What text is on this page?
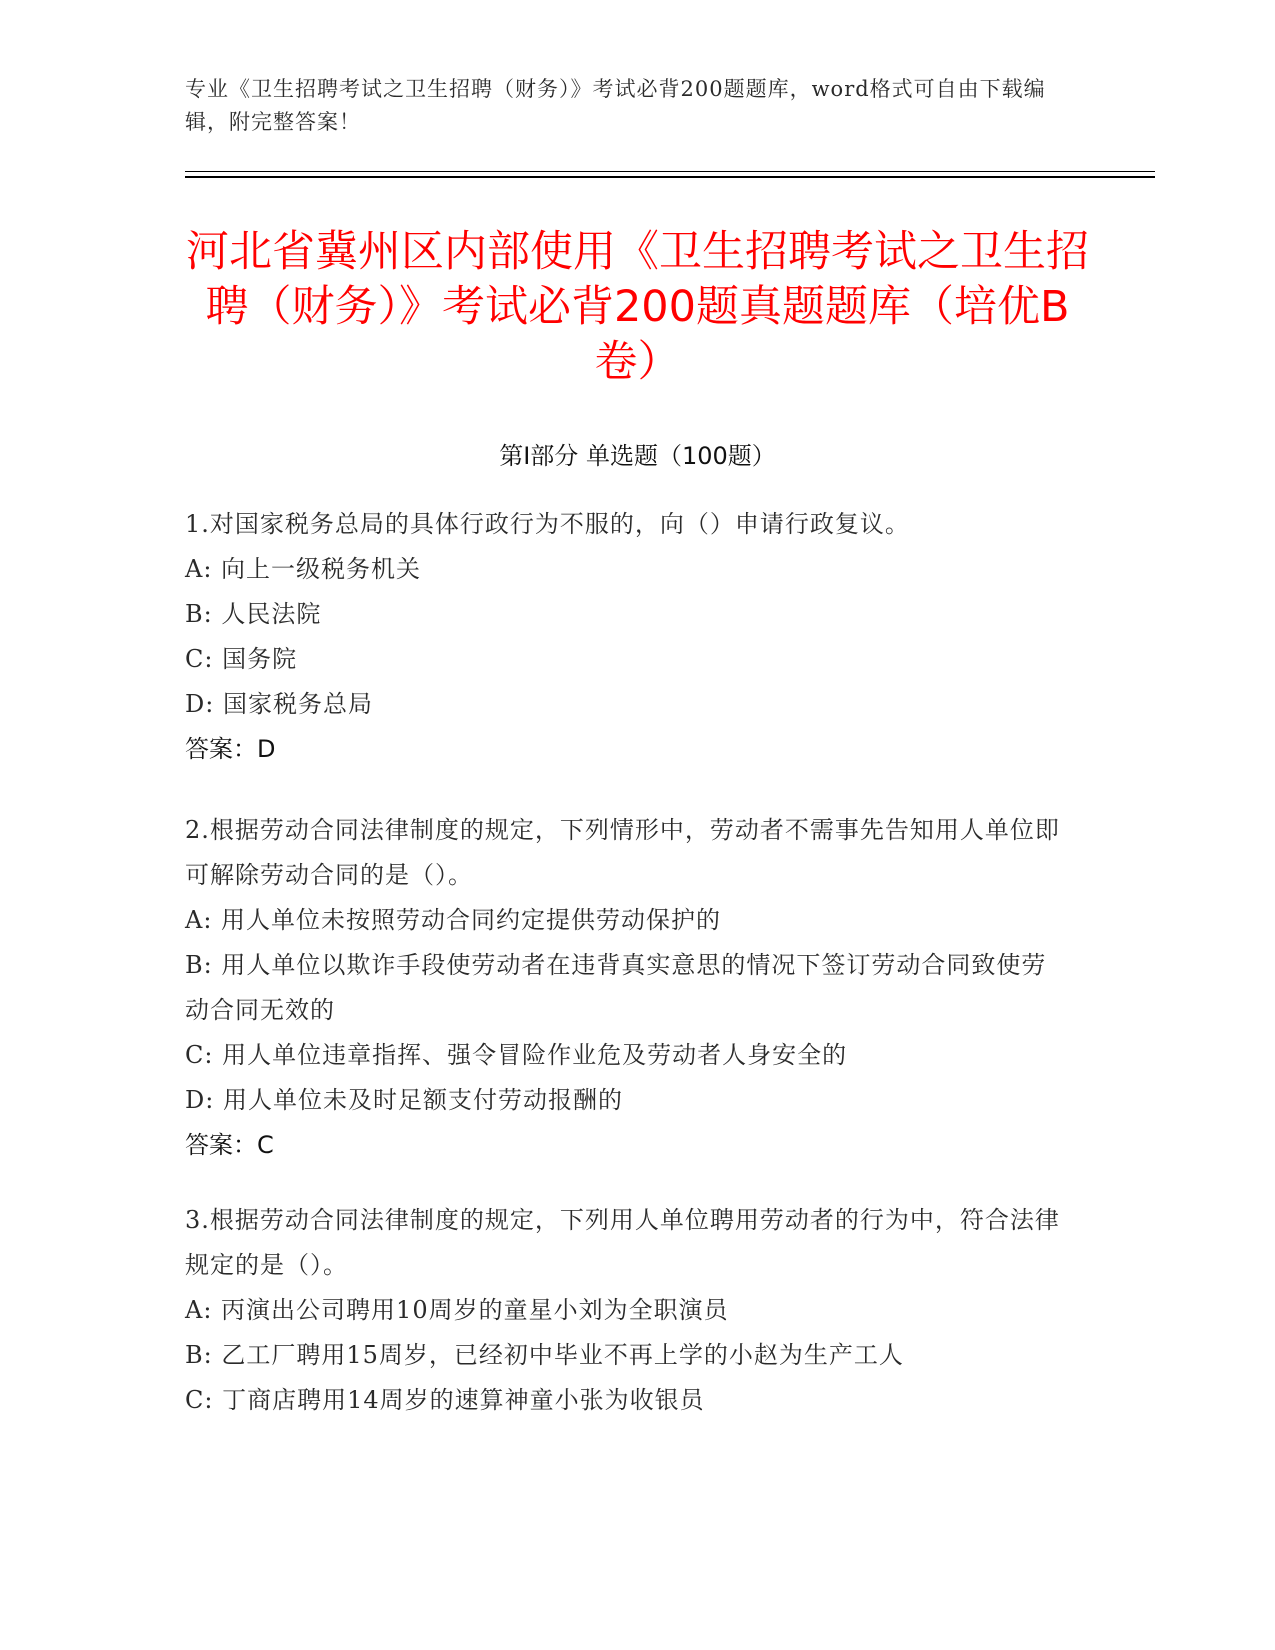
专业《卫生招聘考试之卫生招聘（财务）》考试必背200题题库，word格式可自由下载编辑，附完整答案！
河北省冀州区内部使用《卫生招聘考试之卫生招聘（财务）》考试必背200题真题题库（培优B卷）
第Ⅰ部分 单选题（100题）
1.对国家税务总局的具体行政行为不服的，向（）申请行政复议。
A: 向上一级税务机关
B: 人民法院
C: 国务院
D: 国家税务总局
答案：D
2.根据劳动合同法律制度的规定，下列情形中，劳动者不需事先告知用人单位即可解除劳动合同的是（）。
A: 用人单位未按照劳动合同约定提供劳动保护的
B: 用人单位以欺诈手段使劳动者在违背真实意思的情况下签订劳动合同致使劳动合同无效的
C: 用人单位违章指挥、强令冒险作业危及劳动者人身安全的
D: 用人单位未及时足额支付劳动报酬的
答案：C
3.根据劳动合同法律制度的规定，下列用人单位聘用劳动者的行为中，符合法律规定的是（）。
A: 丙演出公司聘用10周岁的童星小刘为全职演员
B: 乙工厂聘用15周岁，已经初中毕业不再上学的小赵为生产工人
C: 丁商店聘用14周岁的速算神童小张为收银员
